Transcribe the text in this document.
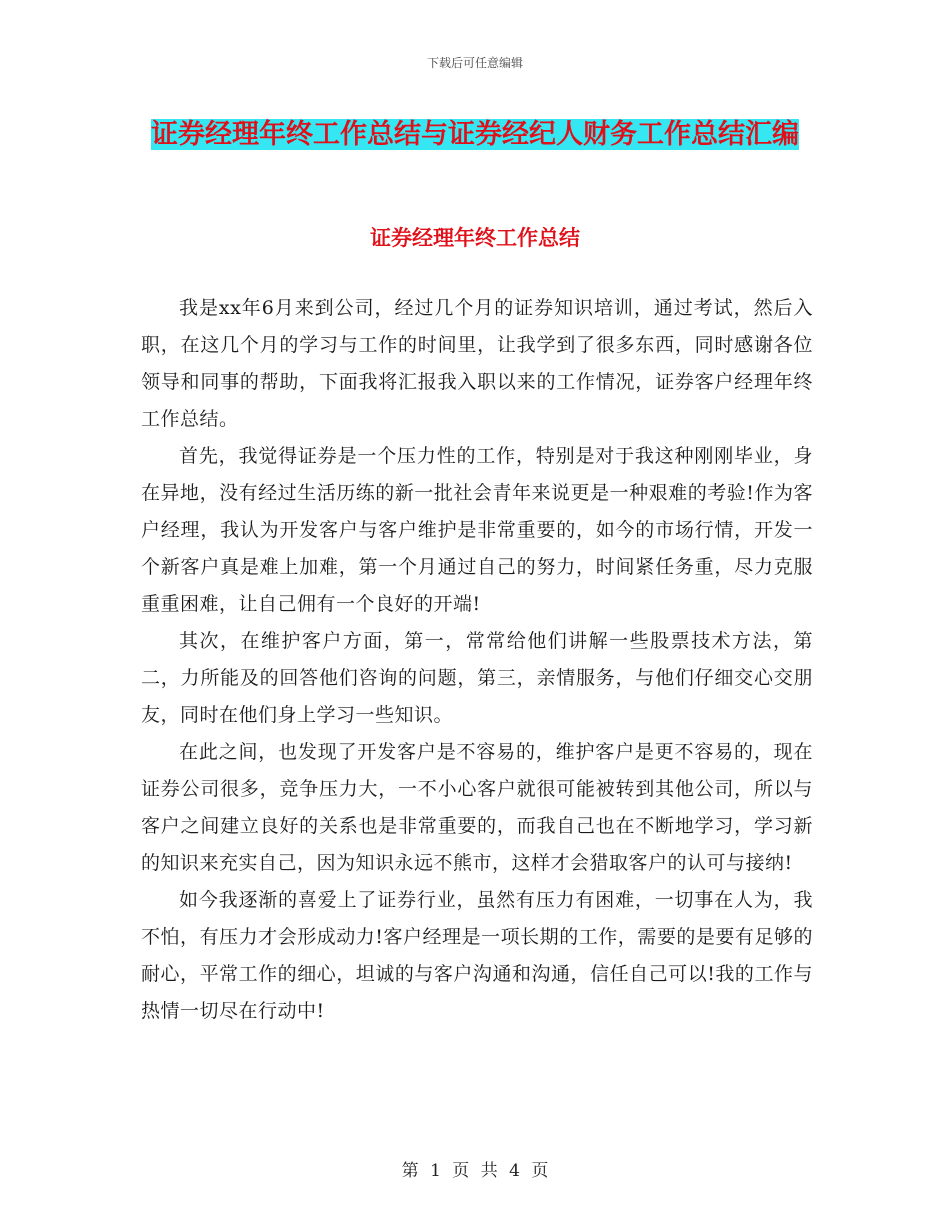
下载后可任意编辑
证券经理年终工作总结与证券经纪人财务工作总结汇编
证券经理年终工作总结

我是xx年6月来到公司，经过几个月的证券知识培训，通过考试，然后入职，在这几个月的学习与工作的时间里，让我学到了很多东西，同时感谢各位领导和同事的帮助，下面我将汇报我入职以来的工作情况，证券客户经理年终工作总结。

首先，我觉得证券是一个压力性的工作，特别是对于我这种刚刚毕业，身在异地，没有经过生活历练的新一批社会青年来说更是一种艰难的考验!作为客户经理，我认为开发客户与客户维护是非常重要的，如今的市场行情，开发一个新客户真是难上加难，第一个月通过自己的努力，时间紧任务重，尽力克服重重困难，让自己佣有一个良好的开端!

其次，在维护客户方面，第一，常常给他们讲解一些股票技术方法，第二，力所能及的回答他们咨询的问题，第三，亲情服务，与他们仔细交心交朋友，同时在他们身上学习一些知识。

在此之间，也发现了开发客户是不容易的，维护客户是更不容易的，现在证券公司很多，竞争压力大，一不小心客户就很可能被转到其他公司，所以与客户之间建立良好的关系也是非常重要的，而我自己也在不断地学习，学习新的知识来充实自己，因为知识永远不熊市，这样才会猎取客户的认可与接纳!

如今我逐渐的喜爱上了证券行业，虽然有压力有困难，一切事在人为，我不怕，有压力才会形成动力!客户经理是一项长期的工作，需要的是要有足够的耐心，平常工作的细心，坦诚的与客户沟通和沟通，信任自己可以!我的工作与热情一切尽在行动中!

第 1 页 共 4 页
